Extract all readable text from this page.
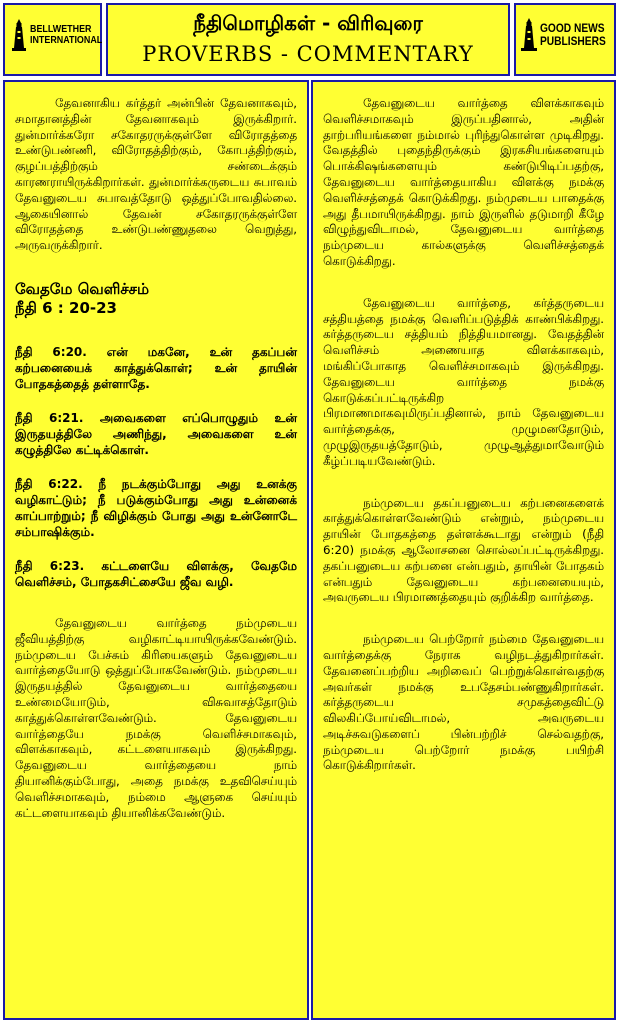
BELLWETHER
INTERNATIONAL
நீதிமொழிகள் - விரிவுரை
PROVERBS - COMMENTARY
GOOD NEWS
PUBLISHERS

தேவனாகிய கர்த்தர் அன்பின் தேவனாகவும், சமாதானத்தின் தேவனாகவும் இருக்கிறார். துன்மார்க்கரோ சகோதரருக்குள்ளே விரோதத்தை உண்டுபண்ணி, விரோதத்திற்கும், கோபத்திற்கும், குழப்பத்திற்கும் சண்டைக்கும் காரணராயிருக்கிறார்கள். துன்மார்க்கருடைய சுபாவம் தேவனுடைய சுபாவத்தோடு ஒத்துப்போவதில்லை. ஆகையினால் தேவன் சகோதரருக்குள்ளே விரோதத்தை உண்டுபண்ணுதலை வெறுத்து, அருவருக்கிறார்.

வேதமே வெளிச்சம்

நீதி 6 : 20-23

நீதி 6:20. என் மகனே, உன் தகப்பன் கற்பனையைக் காத்துக்கொள்; உன் தாயின் போதகத்தைத் தள்ளாதே.

நீதி 6:21. அவைகளை எப்பொழுதும் உன் இருதயத்திலே அணிந்து, அவைகளை உன் கழுத்திலே கட்டிக்கொள்.

நீதி 6:22. நீ நடக்கும்போது அது உனக்கு வழிகாட்டும்; நீ படுக்கும்போது அது உன்னைக் காப்பாற்றும்; நீ விழிக்கும் போது அது உன்னோடே சம்பாஷிக்கும்.

நீதி 6:23. கட்டளையே விளக்கு, வேதமே வெளிச்சம், போதகசிட்சையே ஜீவ வழி.

தேவனுடைய வார்த்தை நம்முடைய ஜீவியத்திற்கு வழிகாட்டியாயிருக்கவேண்டும். நம்முடைய பேச்சும் கிரியைகளும் தேவனுடைய வார்த்தையோடு ஒத்துப்போகவேண்டும். நம்முடைய இருதயத்தில் தேவனுடைய வார்த்தையை உண்மையோடும், விசுவாசத்தோடும் காத்துக்கொள்ளவேண்டும். தேவனுடைய வார்த்தையே நமக்கு வெளிச்சமாகவும், விளக்காகவும், கட்டளையாகவும் இருக்கிறது. தேவனுடைய வார்த்தையை நாம் தியானிக்கும்போது, அதை நமக்கு உதவிசெய்யும் வெளிச்சமாகவும், நம்மை ஆளுகை செய்யும் கட்டளையாகவும் தியானிக்கவேண்டும்.

தேவனுடைய வார்த்தை விளக்காகவும் வெளிச்சமாகவும் இருப்பதினால், அதின் தாற்பரியங்களை நம்மால் புரிந்துகொள்ள முடிகிறது. வேதத்தில் புதைந்திருக்கும் இரகசியங்களையும் பொக்கிஷங்களையும் கண்டுபிடிப்பதற்கு, தேவனுடைய வார்த்தையாகிய விளக்கு நமக்கு வெளிச்சத்தைக் கொடுக்கிறது. நம்முடைய பாதைக்கு அது தீபமாயிருக்கிறது. நாம் இருளில் தடுமாறி கீழே விழுந்துவிடாமல், தேவனுடைய வார்த்தை நம்முடைய கால்களுக்கு வெளிச்சத்தைக் கொடுக்கிறது.

தேவனுடைய வார்த்தை, கர்த்தருடைய சத்தியத்தை நமக்கு வெளிப்படுத்திக் காண்பிக்கிறது. கர்த்தருடைய சத்தியம் நித்தியமானது. வேதத்தின் வெளிச்சம் அணையாத விளக்காகவும், மங்கிப்போகாத வெளிச்சமாகவும் இருக்கிறது. தேவனுடைய வார்த்தை நமக்கு கொடுக்கப்பட்டிருக்கிற பிரமாணமாகவுமிருப்பதினால், நாம் தேவனுடைய வார்த்தைக்கு, முழுமனதோடும், முழுஇருதயத்தோடும், முழுஆத்துமாவோடும் கீழ்ப்படியவேண்டும்.

நம்முடைய தகப்பனுடைய கற்பனைகளைக் காத்துக்கொள்ளவேண்டும் என்றும், நம்முடைய தாயின் போதகத்தை தள்ளக்கூடாது என்றும் (நீதி 6:20) நமக்கு ஆலோசனை சொல்லப்பட்டிருக்கிறது. தகப்பனுடைய கற்பனை என்பதும், தாயின் போதகம் என்பதும் தேவனுடைய கற்பனையையும், அவருடைய பிரமாணத்தையும் குறிக்கிற வார்த்தை.

நம்முடைய பெற்றோர் நம்மை தேவனுடைய வார்த்தைக்கு நேராக வழிநடத்துகிறார்கள். தேவனைப்பற்றிய அறிவைப் பெற்றுக்கொள்வதற்கு அவர்கள் நமக்கு உபதேசம்பண்ணுகிறார்கள். கர்த்தருடைய சமுகத்தைவிட்டு விலகிப்போய்விடாமல், அவருடைய அடிச்சுவடுகளைப் பின்பற்றிச் செல்வதற்கு, நம்முடைய பெற்றோர் நமக்கு பயிற்சி கொடுக்கிறார்கள்.
